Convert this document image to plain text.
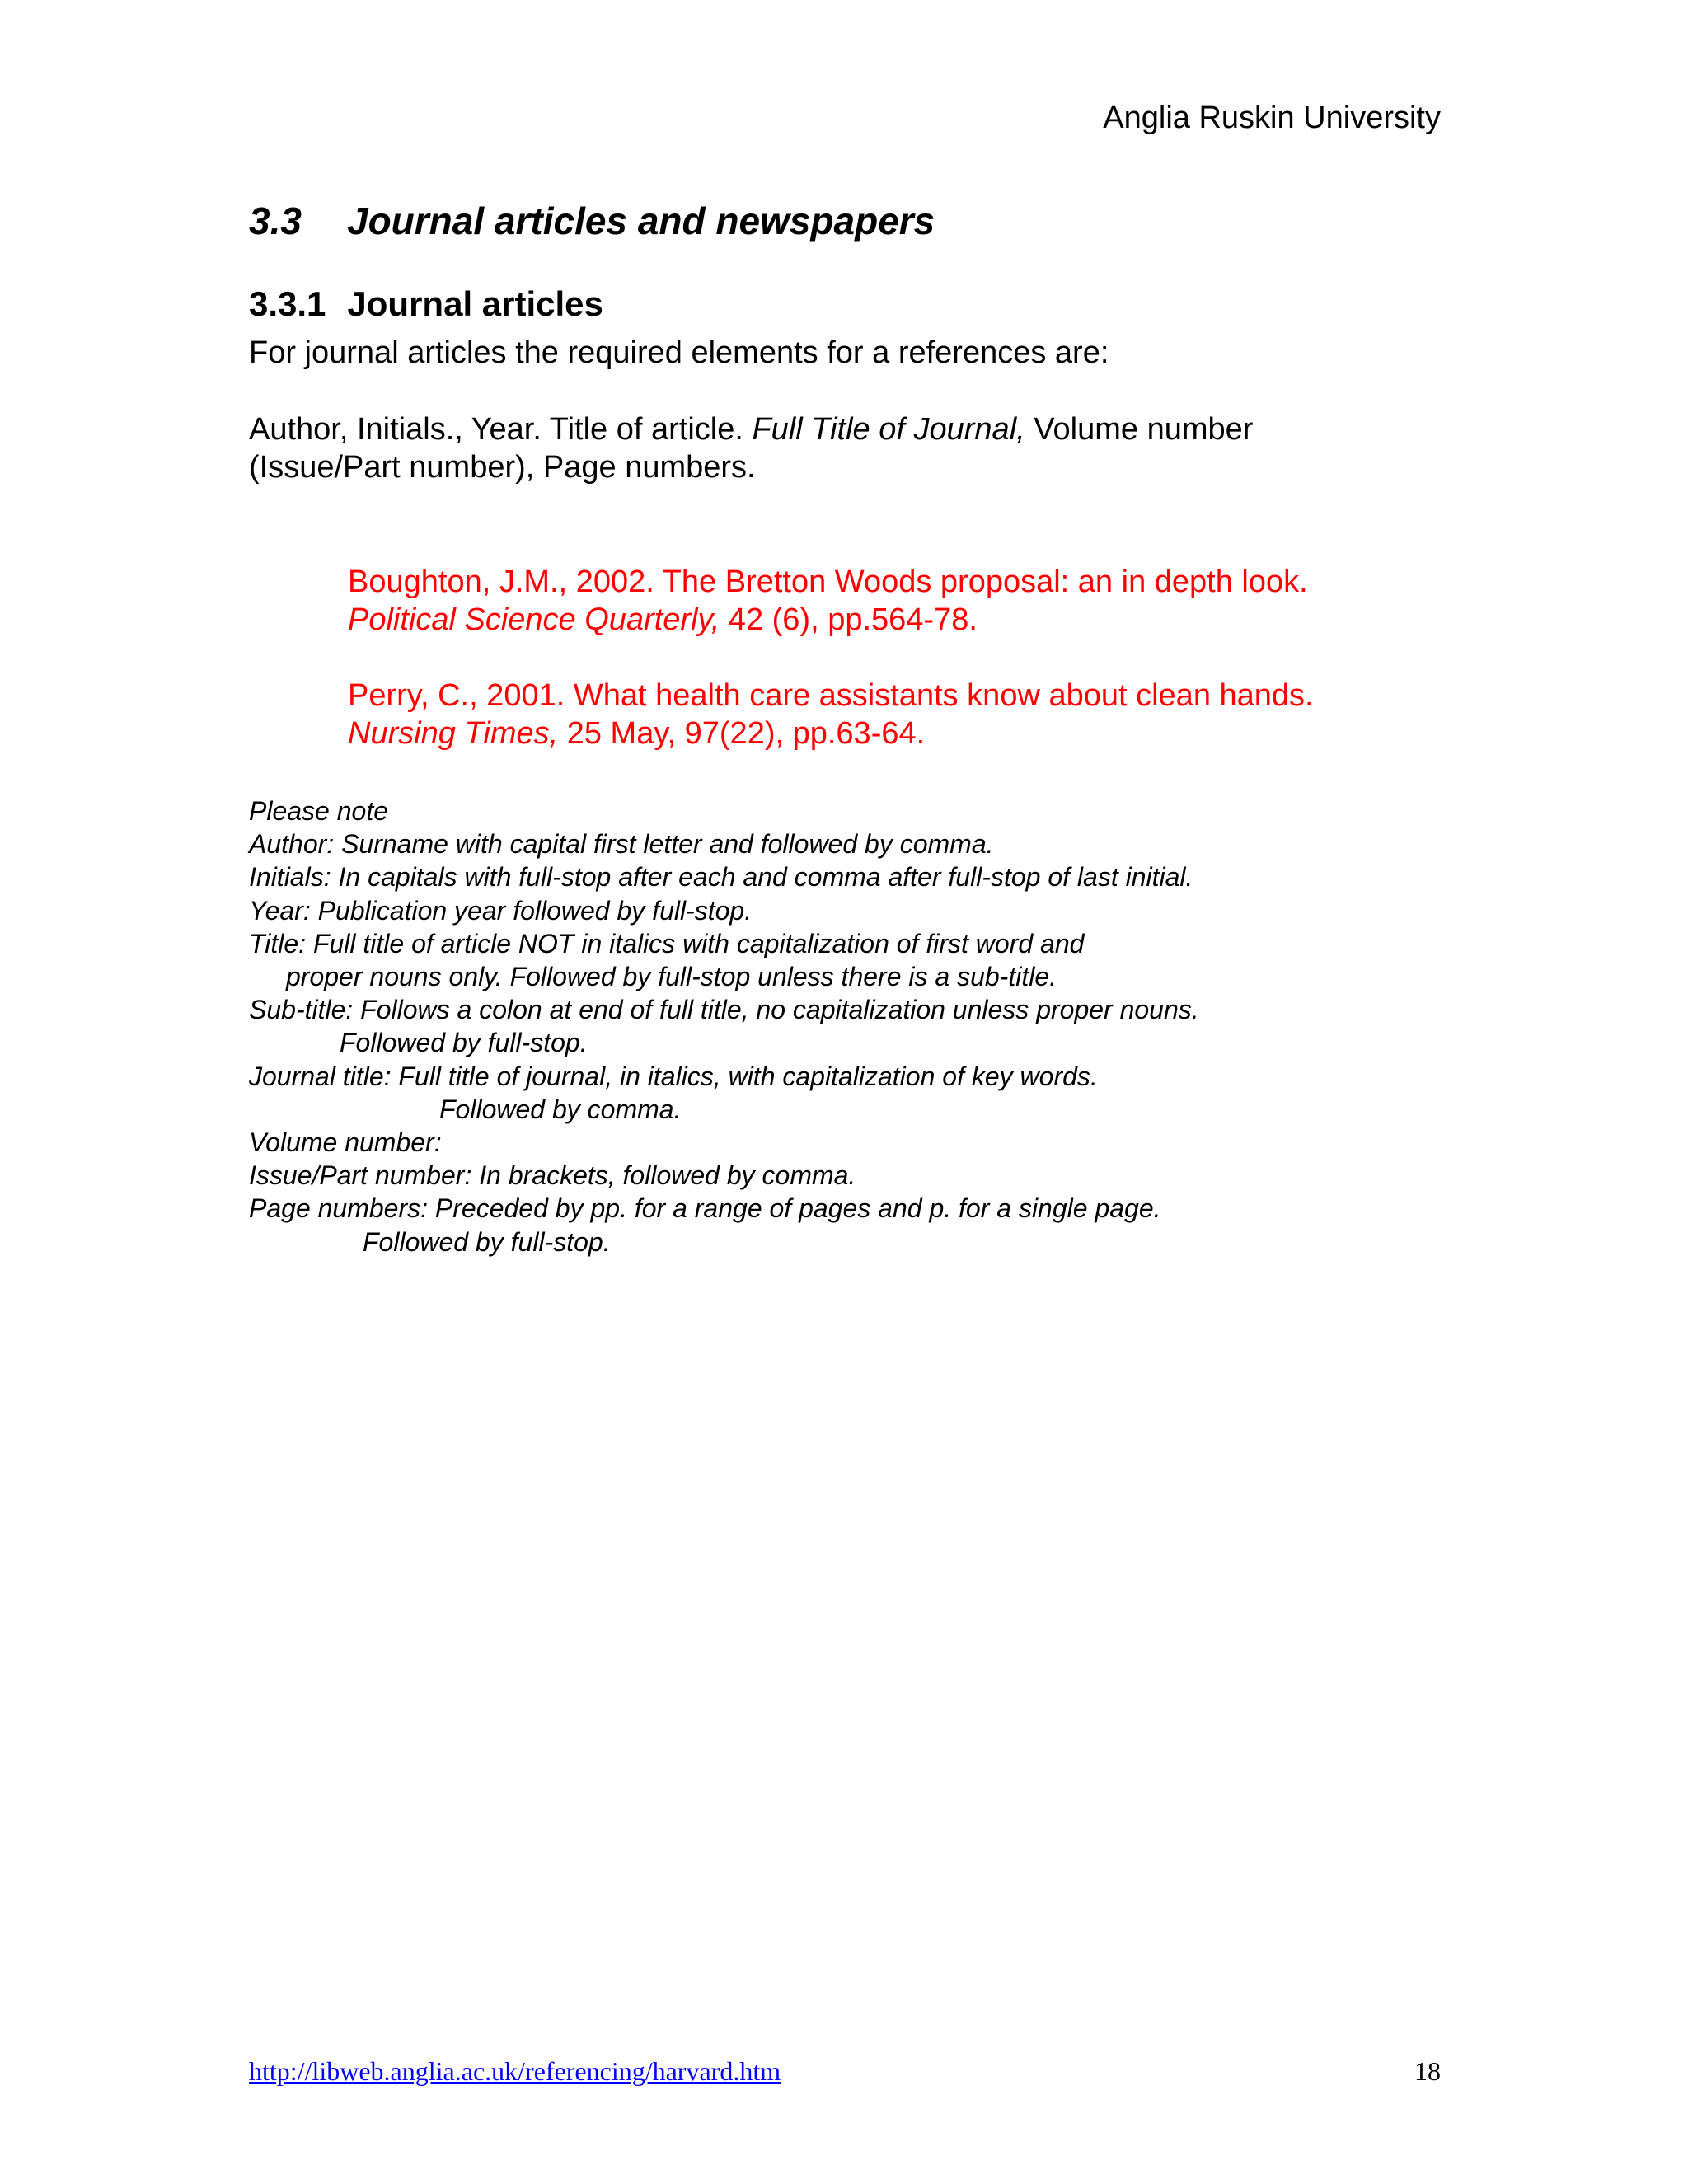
Anglia Ruskin University
3.3 Journal articles and newspapers
3.3.1 Journal articles
For journal articles the required elements for a references are:
Author, Initials., Year. Title of article. Full Title of Journal, Volume number
(Issue/Part number), Page numbers.
Boughton, J.M., 2002. The Bretton Woods proposal: an in depth look.
Political Science Quarterly, 42 (6), pp.564-78.
Perry, C., 2001. What health care assistants know about clean hands.
Nursing Times, 25 May, 97(22), pp.63-64.
Please note
Author: Surname with capital first letter and followed by comma.
Initials: In capitals with full-stop after each and comma after full-stop of last initial.
Year: Publication year followed by full-stop.
Title: Full title of article NOT in italics with capitalization of first word and
proper nouns only. Followed by full-stop unless there is a sub-title.
Sub-title: Follows a colon at end of full title, no capitalization unless proper nouns.
Followed by full-stop.
Journal title: Full title of journal, in italics, with capitalization of key words.
Followed by comma.
Volume number:
Issue/Part number: In brackets, followed by comma.
Page numbers: Preceded by pp. for a range of pages and p. for a single page.
Followed by full-stop.
http://libweb.anglia.ac.uk/referencing/harvard.htm	18
